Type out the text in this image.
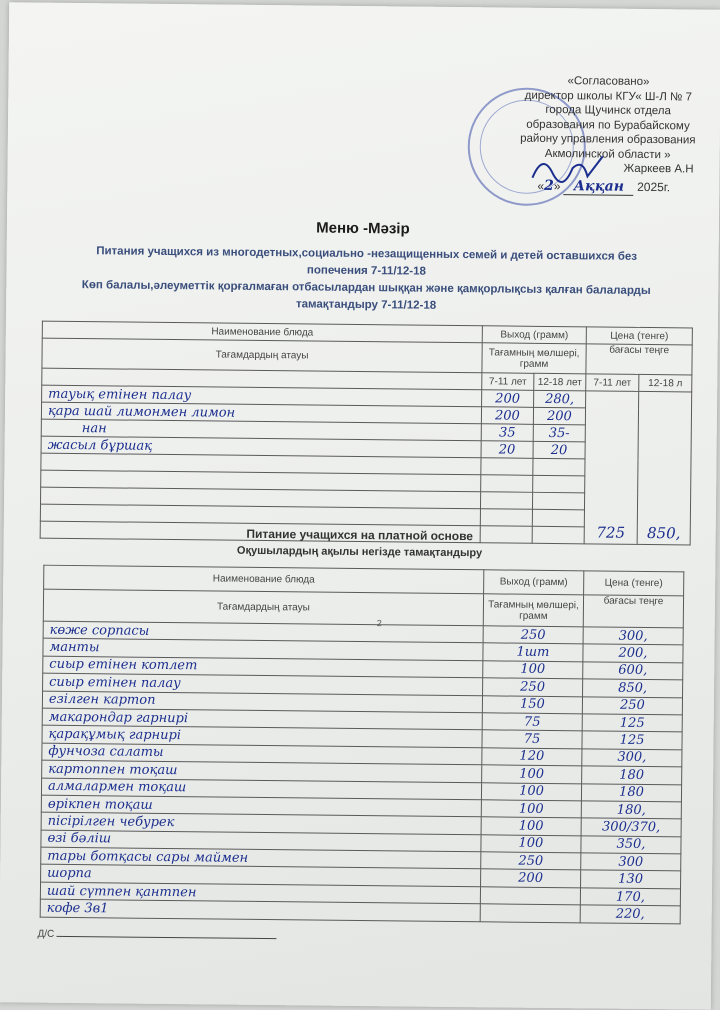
«Согласовано»
директор школы КГУ« Ш-Л № 7
города Щучинск отдела
образования по Бурабайскому
району управления образования
Акмолинской области »
Жаркеев А.Н
«2» Аққан 2025г.
Меню -Мәзір
Питания учащихся из многодетных,социально -незащищенных семей и детей оставшихся без попечения 7-11/12-18
Көп балалы,әлеуметтік қорғалмаған отбасылардан шыққан және қамқорлықсыз қалған балаларды тамақтандыру 7-11/12-18
Наименование блюда	Выход (грамм)		Цена (тенге)	
Тағамдардың атауы	Тағамның мөлшері, грамм		бағасы теңге	
	7-11 лет	12-18 лет	7-11 лет	12-18 л
тауық етінен палау	200	280,	725	850,
қара шай лимонмен лимон	200	200		
нан	35	35-		
жасыл бұршақ	20	20		

Питание учащихся на платной основе
Оқушылардың ақылы негізде тамақтандыру
Наименование блюда	Выход (грамм)	Цена (тенге)
Тағамдардың атауы	Тағамның мөлшері, грамм	бағасы теңге
көже сорпасы	250	300,
манты	1шт	200,
сиыр етінен котлет	100	600,
сиыр етінен палау	250	850,
езілген картоп	150	250
макарондар гарнирі	75	125
қарақұмық гарнирі	75	125
фунчоза салаты	120	300,
картоппен тоқаш	100	180
алмалармен тоқаш	100	180
өрікпен тоқаш	100	180,
пісірілген чебурек	100	300/370,
өзі бәліш	100	350,
тары ботқасы сары маймен	250	300
шорпа	200	130
шай сүтпен қантпен		170,
кофе 3в1		220,
2
Д/С
